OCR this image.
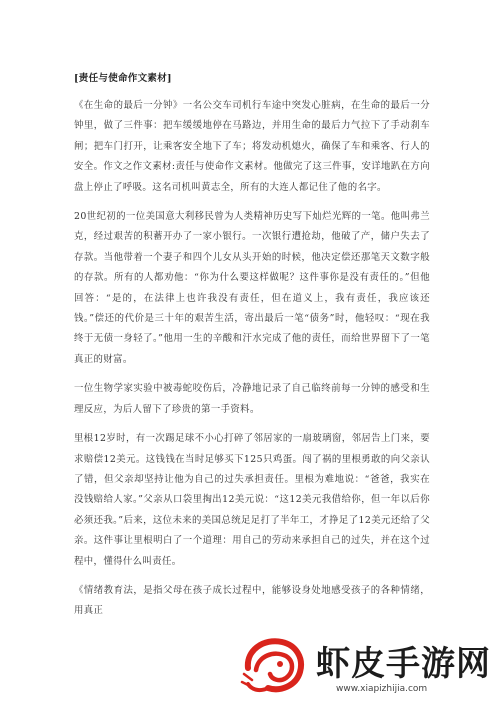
[责任与使命作文素材]

《在生命的最后一分钟》一名公交车司机行车途中突发心脏病，在生命的最后一分钟里，做了三件事：把车缓缓地停在马路边，并用生命的最后力气拉下了手动刹车闸；把车门打开，让乘客安全地下了车；将发动机熄火，确保了车和乘客、行人的安全。作文之作文素材:责任与使命作文素材。他做完了这三件事，安详地趴在方向盘上停止了呼吸。这名司机叫黄志全，所有的大连人都记住了他的名字。

20世纪初的一位美国意大利移民曾为人类精神历史写下灿烂光辉的一笔。他叫弗兰克，经过艰苦的积蓄开办了一家小银行。一次银行遭抢劫，他破了产，储户失去了存款。当他带着一个妻子和四个儿女从头开始的时候，他决定偿还那笔天文数字般的存款。所有的人都劝他：“你为什么要这样做呢？这件事你是没有责任的。”但他回答：“是的，在法律上也许我没有责任，但在道义上，我有责任，我应该还钱。”偿还的代价是三十年的艰苦生活，寄出最后一笔“债务”时，他轻叹：“现在我终于无债一身轻了。”他用一生的辛酸和汗水完成了他的责任，而给世界留下了一笔真正的财富。

一位生物学家实验中被毒蛇咬伤后，冷静地记录了自己临终前每一分钟的感受和生理反应，为后人留下了珍贵的第一手资料。

里根12岁时，有一次踢足球不小心打碎了邻居家的一扇玻璃窗，邻居告上门来，要求赔偿12美元。这钱钱在当时足够买下125只鸡蛋。闯了祸的里根勇敢的向父亲认了错，但父亲却坚持让他为自己的过失承担责任。里根为难地说：“爸爸，我实在没钱赔给人家。”父亲从口袋里掏出12美元说：“这12美元我借给你，但一年以后你必须还我。”后来，这位未来的美国总统足足打了半年工，才挣足了12美元还给了父亲。这件事让里根明白了一个道理：用自己的劳动来承担自己的过失，并在这个过程中，懂得什么叫责任。

《情绪教育法，是指父母在孩子成长过程中，能够设身处地感受孩子的各种情绪，用真正

虾皮手游网
www.xiapizhijia.com
